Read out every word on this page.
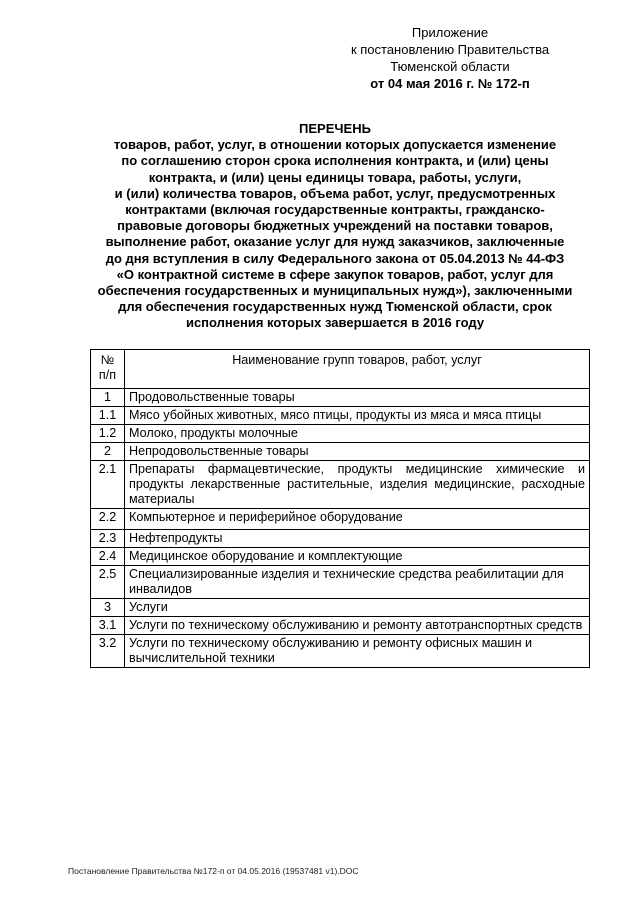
Приложение
к постановлению Правительства
Тюменской области
от 04 мая 2016 г. № 172-п
ПЕРЕЧЕНЬ
товаров, работ, услуг, в отношении которых допускается изменение
по соглашению сторон срока исполнения контракта, и (или) цены
контракта, и (или) цены единицы товара, работы, услуги,
и (или) количества товаров, объема работ, услуг, предусмотренных
контрактами (включая государственные контракты, гражданско-
правовые договоры бюджетных учреждений на поставки товаров,
выполнение работ, оказание услуг для нужд заказчиков, заключенные
до дня вступления в силу Федерального закона от 05.04.2013 № 44-ФЗ
«О контрактной системе в сфере закупок товаров, работ, услуг для
обеспечения государственных и муниципальных нужд»), заключенными
для обеспечения государственных нужд Тюменской области, срок
исполнения которых завершается в 2016 году
№ п/п	Наименование групп товаров, работ, услуг
1	Продовольственные товары
1.1	Мясо убойных животных, мясо птицы, продукты из мяса и мяса птицы
1.2	Молоко, продукты молочные
2	Непродовольственные товары
2.1	Препараты фармацевтические, продукты медицинские химические и продукты лекарственные растительные, изделия медицинские, расходные материалы
2.2	Компьютерное и периферийное оборудование
2.3	Нефтепродукты
2.4	Медицинское оборудование и комплектующие
2.5	Специализированные изделия и технические средства реабилитации для инвалидов
3	Услуги
3.1	Услуги по техническому обслуживанию и ремонту автотранспортных средств
3.2	Услуги по техническому обслуживанию и ремонту офисных машин и вычислительной техники
Постановление Правительства №172-п от 04.05.2016 (19537481 v1).DOC
